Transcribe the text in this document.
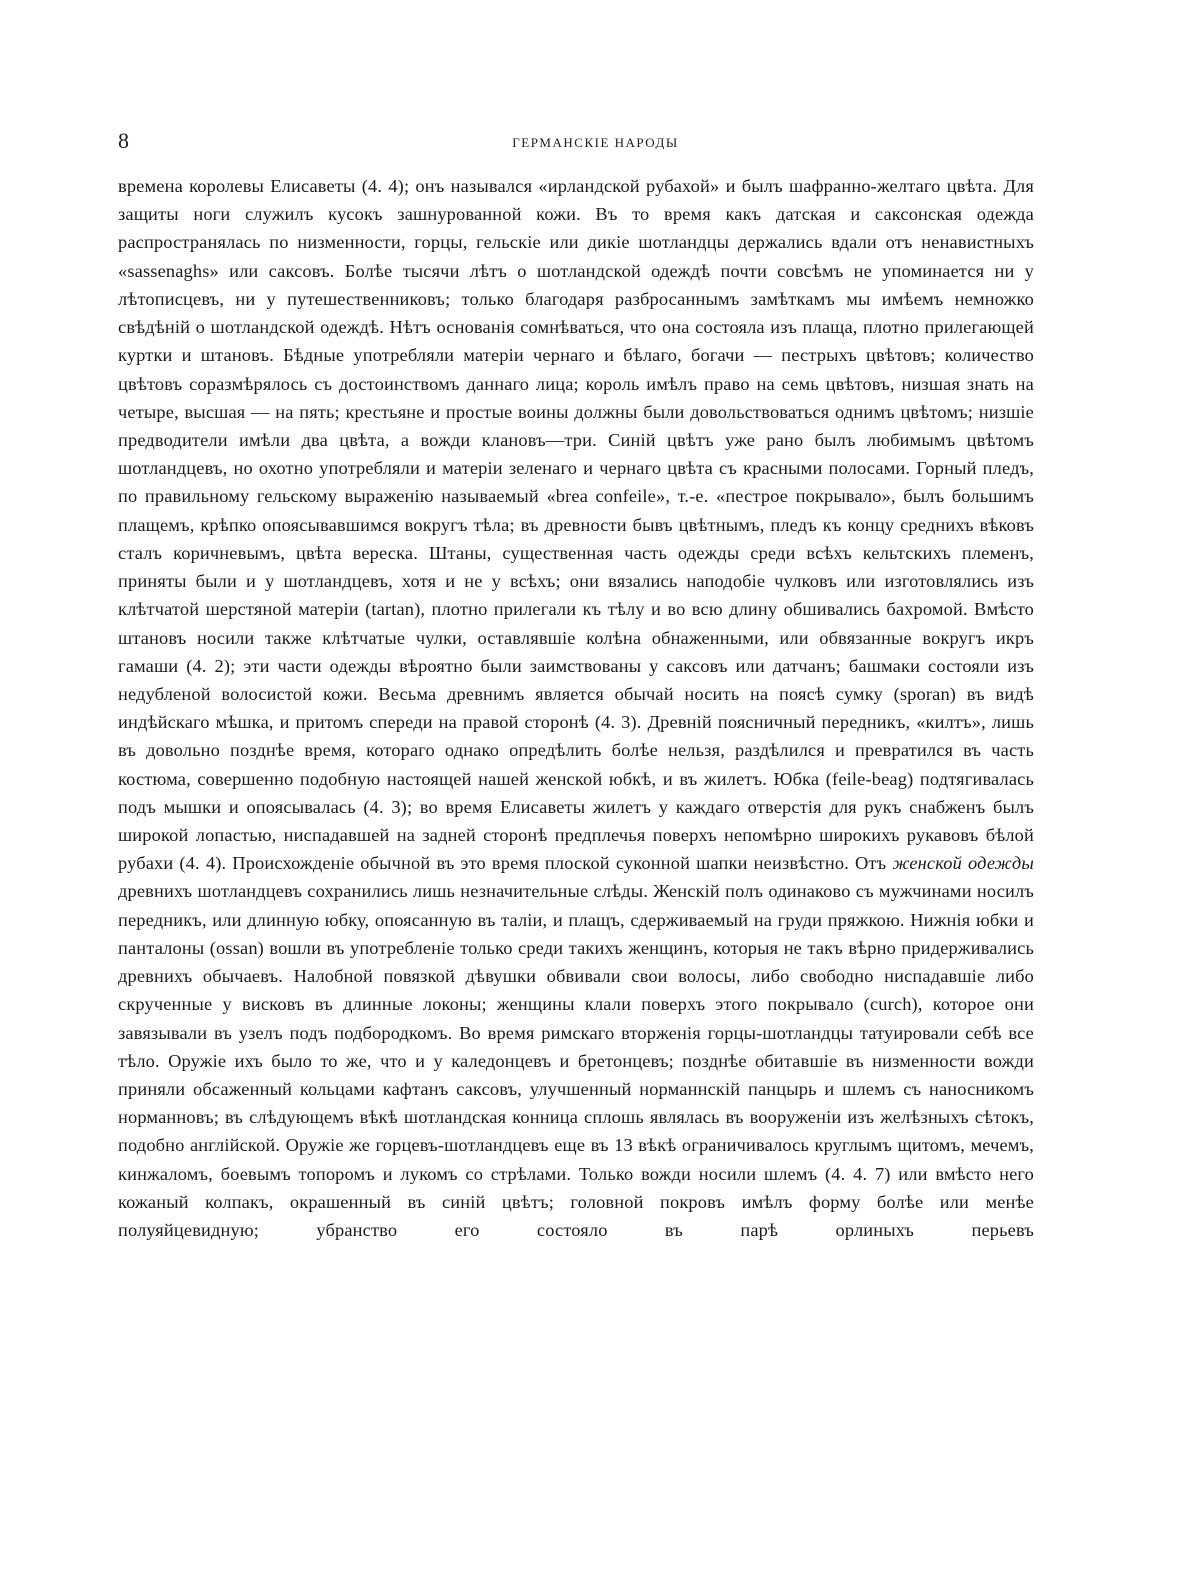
8	ГЕРМАНСКІЕ НАРОДЫ

времена королевы Елисаветы (4. 4); онъ назывался «ирландской рубахой» и былъ шафранно-желтаго цвѣта. Для защиты ноги служилъ кусокъ зашнурованной кожи. Въ то время какъ датская и саксонская одежда распространялась по низменности, горцы, гельскіе или дикіе шотландцы держались вдали отъ ненавистныхъ «sassenaghs» или саксовъ. Болѣе тысячи лѣтъ о шотландской одеждѣ почти совсѣмъ не упоминается ни у лѣтописцевъ, ни у путешественниковъ; только благодаря разбросаннымъ замѣткамъ мы имѣемъ немножко свѣдѣній о шотландской одеждѣ. Нѣтъ основанія сомнѣваться, что она состояла изъ плаща, плотно прилегающей куртки и штановъ. Бѣдные употребляли матеріи чернаго и бѣлаго, богачи — пестрыхъ цвѣтовъ; количество цвѣтовъ соразмѣрялось съ достоинствомъ даннаго лица; король имѣлъ право на семь цвѣтовъ, низшая знать на четыре, высшая — на пять; крестьяне и простые воины должны были довольствоваться однимъ цвѣтомъ; низшіе предводители имѣли два цвѣта, а вожди клановъ—три. Синій цвѣтъ уже рано былъ любимымъ цвѣтомъ шотландцевъ, но охотно употребляли и матеріи зеленаго и чернаго цвѣта съ красными полосами. Горный пледъ, по правильному гельскому выраженію называемый «brea confeile», т.-е. «пестрое покрывало», былъ большимъ плащемъ, крѣпко опоясывавшимся вокругъ тѣла; въ древности бывъ цвѣтнымъ, пледъ къ концу среднихъ вѣковъ сталъ коричневымъ, цвѣта вереска. Штаны, существенная часть одежды среди всѣхъ кельтскихъ племенъ, приняты были и у шотландцевъ, хотя и не у всѣхъ; они вязались наподобіе чулковъ или изготовлялись изъ клѣтчатой шерстяной матеріи (tartan), плотно прилегали къ тѣлу и во всю длину обшивались бахромой. Вмѣсто штановъ носили также клѣтчатые чулки, оставлявшіе колѣна обнаженными, или обвязанные вокругъ икръ гамаши (4. 2); эти части одежды вѣроятно были заимствованы у саксовъ или датчанъ; башмаки состояли изъ недубленой волосистой кожи. Весьма древнимъ является обычай носить на поясѣ сумку (sporan) въ видѣ индѣйскаго мѣшка, и притомъ спереди на правой сторонѣ (4. 3). Древній поясничный передникъ, «килтъ», лишь въ довольно позднѣе время, котораго однако опредѣлить болѣе нельзя, раздѣлился и превратился въ часть костюма, совершенно подобную настоящей нашей женской юбкѣ, и въ жилетъ. Юбка (feile-beag) подтягивалась подъ мышки и опоясывалась (4. 3); во время Елисаветы жилетъ у каждаго отверстія для рукъ снабженъ былъ широкой лопастью, ниспадавшей на задней сторонѣ предплечья поверхъ непомѣрно широкихъ рукавовъ бѣлой рубахи (4. 4). Происхожденіе обычной въ это время плоской суконной шапки неизвѣстно. Отъ женской одежды древнихъ шотландцевъ сохранились лишь незначительные слѣды. Женскій полъ одинаково съ мужчинами носилъ передникъ, или длинную юбку, опоясанную въ таліи, и плащъ, сдерживаемый на груди пряжкою. Нижнія юбки и панталоны (ossan) вошли въ употребленіе только среди такихъ женщинъ, которыя не такъ вѣрно придерживались древнихъ обычаевъ. Налобной повязкой дѣвушки обвивали свои волосы, либо свободно ниспадавшіе либо скрученные у висковъ въ длинные локоны; женщины клали поверхъ этого покрывало (curch), которое они завязывали въ узелъ подъ подбородкомъ. Во время римскаго вторженія горцы-шотландцы татуировали себѣ все тѣло. Оружіе ихъ было то же, что и у каледонцевъ и бретонцевъ; позднѣе обитавшіе въ низменности вожди приняли обсаженный кольцами кафтанъ саксовъ, улучшенный норманнскій панцырь и шлемъ съ наносникомъ норманновъ; въ слѣдующемъ вѣкѣ шотландская конница сплошь являлась въ вооруженіи изъ желѣзныхъ сѣтокъ, подобно англійской. Оружіе же горцевъ-шотландцевъ еще въ 13 вѣкѣ ограничивалось круглымъ щитомъ, мечемъ, кинжаломъ, боевымъ топоромъ и лукомъ со стрѣлами. Только вожди носили шлемъ (4. 4. 7) или вмѣсто него кожаный колпакъ, окрашенный въ синій цвѣтъ; головной покровъ имѣлъ форму болѣе или менѣе полуяйцевидную; убранство его состояло въ парѣ орлиныхъ перьевъ
